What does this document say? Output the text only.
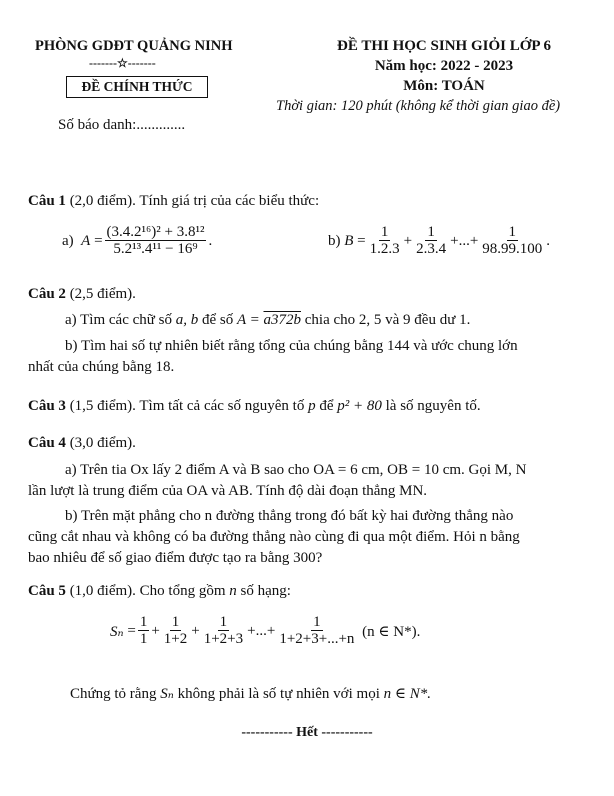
PHÒNG GDĐT QUẢNG NINH
-------☆-------
ĐỀ CHÍNH THỨC
Số báo danh:.............
ĐỀ THI HỌC SINH GIỎI LỚP 6
Năm học: 2022 - 2023
Môn: TOÁN
Thời gian: 120 phút (không kể thời gian giao đề)
Câu 1 (2,0 điểm). Tính giá trị của các biểu thức:
a)
A
= $\frac{\text{(3.4.2¹⁶)² + 3.8¹²}}{\text{5.2¹³.4¹¹ − 16⁹}}$ .	b)
B
= $\frac{1}{1.2.3} + \frac{1}{2.3.4}$ +...+ $\frac{1}{98.99.100}$ .
Câu 2 (2,5 điểm).
a) Tìm các chữ số a, b để số A = a372b chia cho 2, 5 và 9 đều dư 1.
b) Tìm hai số tự nhiên biết rằng tổng của chúng bằng 144 và ước chung lớn
nhất của chúng bằng 18.
Câu 3 (1,5 điểm). Tìm tất cả các số nguyên tố p để p² + 80 là số nguyên tố.
Câu 4 (3,0 điểm).
a) Trên tia Ox lấy 2 điểm A và B sao cho OA = 6 cm, OB = 10 cm. Gọi M, N
lần lượt là trung điểm của OA và AB. Tính độ dài đoạn thẳng MN.
b) Trên mặt phẳng cho n đường thẳng trong đó bất kỳ hai đường thẳng nào
cũng cắt nhau và không có ba đường thẳng nào cùng đi qua một điểm. Hỏi n bằng
bao nhiêu để số giao điểm được tạo ra bằng 300?
Câu 5 (1,0 điểm). Cho tổng gồm n số hạng:
Sₙ
= $\frac{1}{1} + \frac{1}{1+2} + \frac{1}{1+2+3}$ +...+ $\frac{1}{1+2+3+...+n}$
(n ∈ N*).
Chứng tỏ rằng Sₙ không phải là số tự nhiên với mọi n ∈ N*.
----------- Hết -----------
